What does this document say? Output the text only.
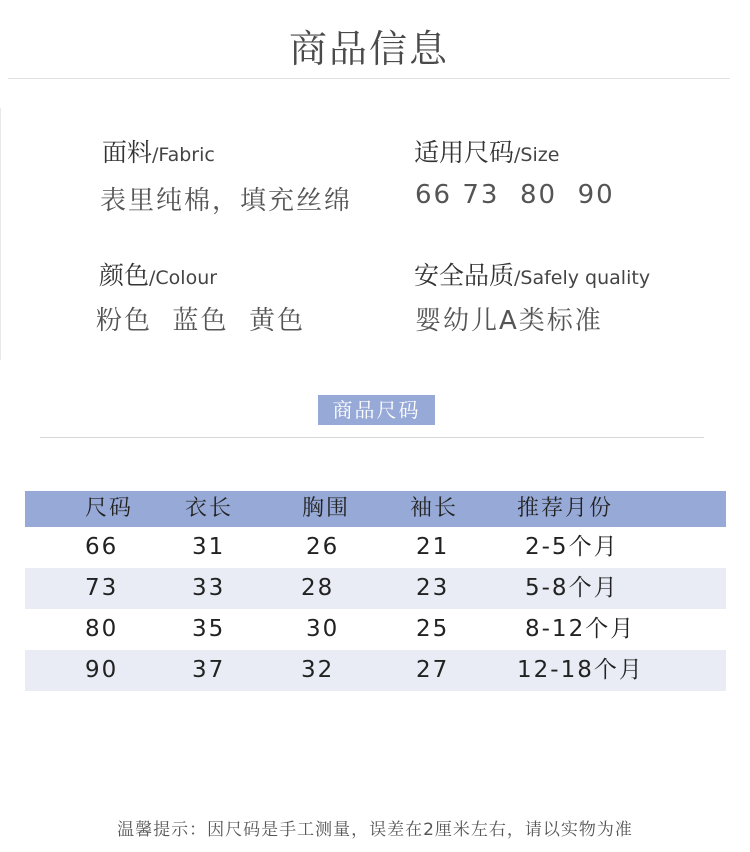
商品信息
面料/Fabric
表里纯棉，填充丝绵
适用尺码/Size
66 73  80  90
颜色/Colour
粉色  蓝色  黄色
安全品质/Safely quality
婴幼儿A类标准
商品尺码
尺码 衣长	胸围	袖长	推荐月份
66	31	26	21	2-5个月
73	33	28	23	5-8个月
80	35	30	25	8-12个月
90	37	32	27	12-18个月
温馨提示：因尺码是手工测量，误差在2厘米左右，请以实物为准
